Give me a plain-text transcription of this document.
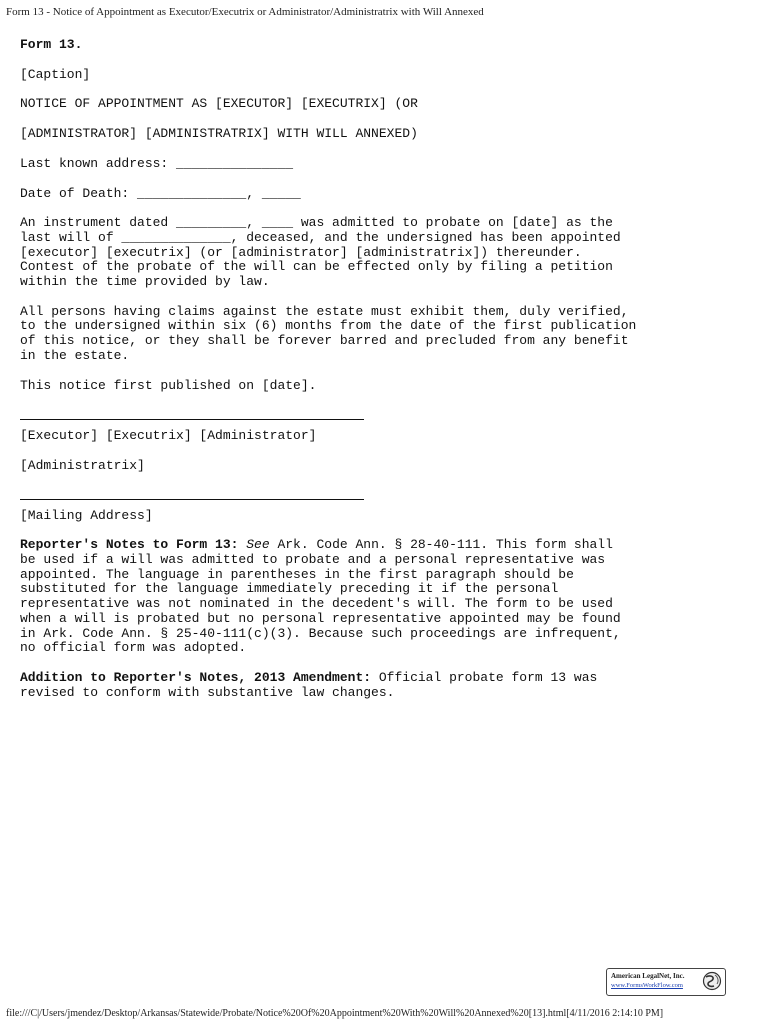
Form 13 - Notice of Appointment as Executor/Executrix or Administrator/Administratrix with Will Annexed
Form 13.
[Caption]
NOTICE OF APPOINTMENT AS [EXECUTOR] [EXECUTRIX] (OR
[ADMINISTRATOR] [ADMINISTRATRIX] WITH WILL ANNEXED)
Last known address: _______________
Date of Death: ______________, _____
An instrument dated _________, ____ was admitted to probate on [date] as the
last will of ______________, deceased, and the undersigned has been appointed
[executor] [executrix] (or [administrator] [administratrix]) thereunder.
Contest of the probate of the will can be effected only by filing a petition
within the time provided by law.
All persons having claims against the estate must exhibit them, duly verified,
to the undersigned within six (6) months from the date of the first publication
of this notice, or they shall be forever barred and precluded from any benefit
in the estate.
This notice first published on [date].
[Executor] [Executrix] [Administrator]
[Administratrix]
[Mailing Address]
Reporter's Notes to Form 13: See Ark. Code Ann. § 28-40-111. This form shall
be used if a will was admitted to probate and a personal representative was
appointed. The language in parentheses in the first paragraph should be
substituted for the language immediately preceding it if the personal
representative was not nominated in the decedent's will. The form to be used
when a will is probated but no personal representative appointed may be found
in Ark. Code Ann. § 25-40-111(c)(3). Because such proceedings are infrequent,
no official form was adopted.
Addition to Reporter's Notes, 2013 Amendment: Official probate form 13 was
revised to conform with substantive law changes.
American LegalNet, Inc.
www.FormsWorkFlow.com
file:///C|/Users/jmendez/Desktop/Arkansas/Statewide/Probate/Notice%20Of%20Appointment%20With%20Will%20Annexed%20[13].html[4/11/2016 2:14:10 PM]
